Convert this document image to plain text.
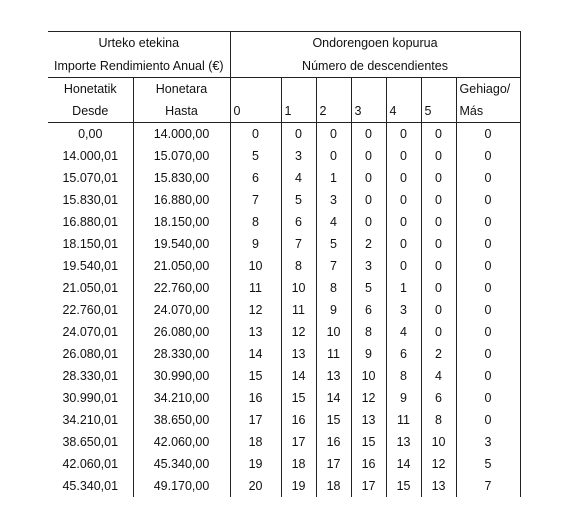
Urteko etekina		Ondorengoen kopurua						
Importe Rendimiento Anual (€)		Número de descendientes						
Honetatik	Honetara							Gehiago/
Desde	Hasta	0	1	2	3	4	5	Más
0,00	14.000,00	0	0	0	0	0	0	0
14.000,01	15.070,00	5	3	0	0	0	0	0
15.070,01	15.830,00	6	4	1	0	0	0	0
15.830,01	16.880,00	7	5	3	0	0	0	0
16.880,01	18.150,00	8	6	4	0	0	0	0
18.150,01	19.540,00	9	7	5	2	0	0	0
19.540,01	21.050,00	10	8	7	3	0	0	0
21.050,01	22.760,00	11	10	8	5	1	0	0
22.760,01	24.070,00	12	11	9	6	3	0	0
24.070,01	26.080,00	13	12	10	8	4	0	0
26.080,01	28.330,00	14	13	11	9	6	2	0
28.330,01	30.990,00	15	14	13	10	8	4	0
30.990,01	34.210,00	16	15	14	12	9	6	0
34.210,01	38.650,00	17	16	15	13	11	8	0
38.650,01	42.060,00	18	17	16	15	13	10	3
42.060,01	45.340,00	19	18	17	16	14	12	5
45.340,01	49.170,00	20	19	18	17	15	13	7
